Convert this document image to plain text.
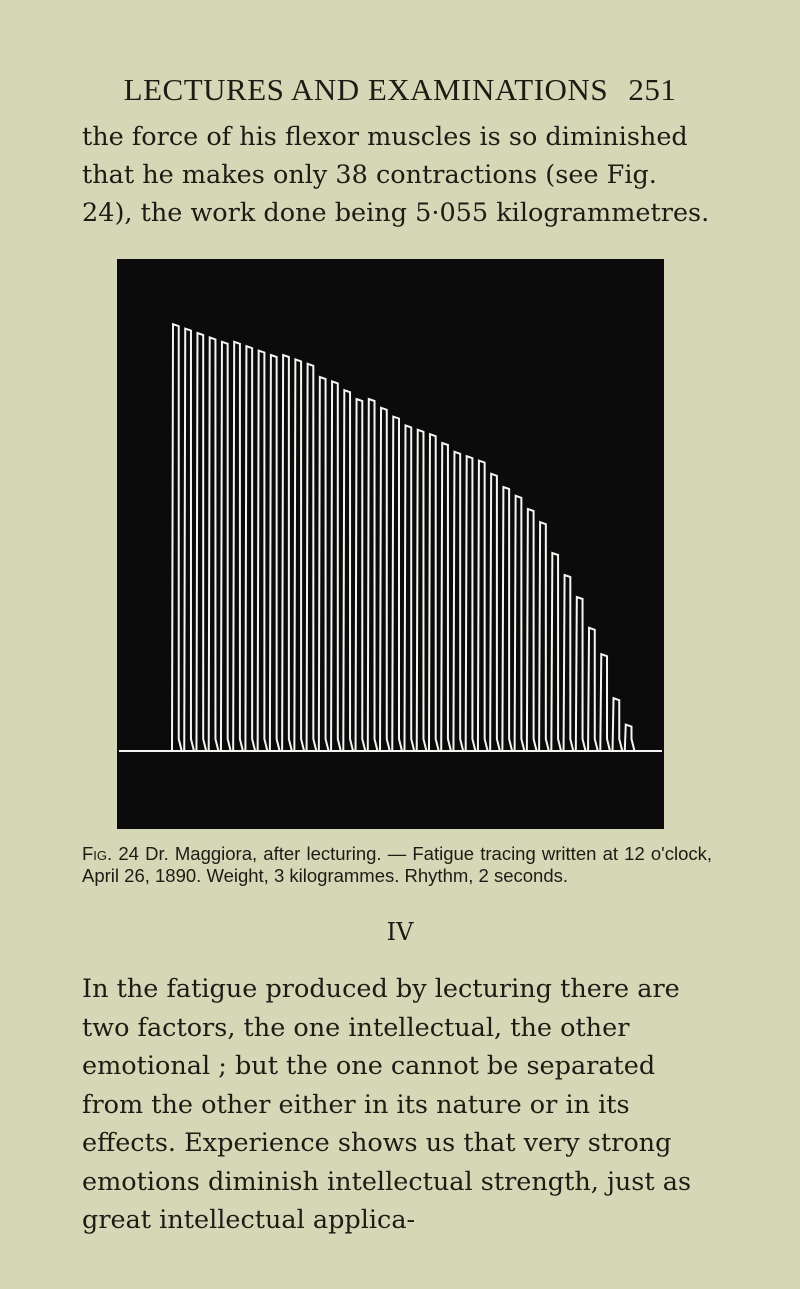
LECTURES AND EXAMINATIONS 251

the force of his flexor muscles is so diminished that he makes only 38 contractions (see Fig. 24), the work done being 5·055 kilogrammetres.

Fig. 24 Dr. Maggiora, after lecturing. — Fatigue tracing written at 12 o'clock, April 26, 1890. Weight, 3 kilogrammes. Rhythm, 2 seconds.

IV

In the fatigue produced by lecturing there are two factors, the one intellectual, the other emotional ; but the one cannot be separated from the other either in its nature or in its effects. Experience shows us that very strong emotions diminish intellectual strength, just as great intellectual applica-
